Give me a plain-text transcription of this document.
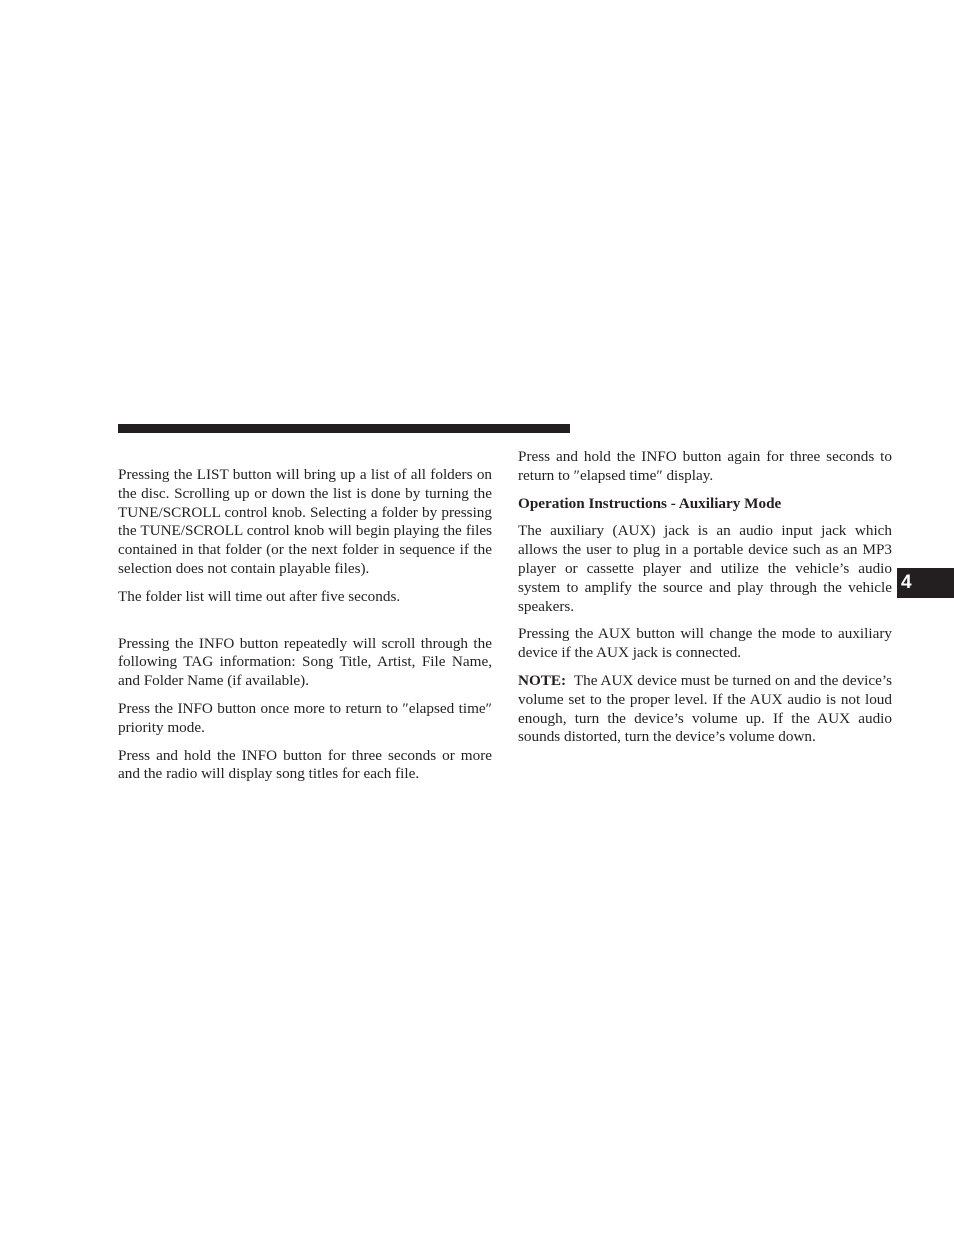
Pressing the LIST button will bring up a list of all folders on the disc. Scrolling up or down the list is done by turning the TUNE/SCROLL control knob. Selecting a folder by pressing the TUNE/SCROLL control knob will begin playing the files contained in that folder (or the next folder in sequence if the selection does not contain playable files).

The folder list will time out after five seconds.

Pressing the INFO button repeatedly will scroll through the following TAG information: Song Title, Artist, File Name, and Folder Name (if available).

Press the INFO button once more to return to ″elapsed time″ priority mode.

Press and hold the INFO button for three seconds or more and the radio will display song titles for each file.

Press and hold the INFO button again for three seconds to return to ″elapsed time″ display.

Operation Instructions - Auxiliary Mode

The auxiliary (AUX) jack is an audio input jack which allows the user to plug in a portable device such as an MP3 player or cassette player and utilize the vehicle’s audio system to amplify the source and play through the vehicle speakers.

Pressing the AUX button will change the mode to auxiliary device if the AUX jack is connected.

NOTE: The AUX device must be turned on and the device’s volume set to the proper level. If the AUX audio is not loud enough, turn the device’s volume up. If the AUX audio sounds distorted, turn the device’s volume down.

4
